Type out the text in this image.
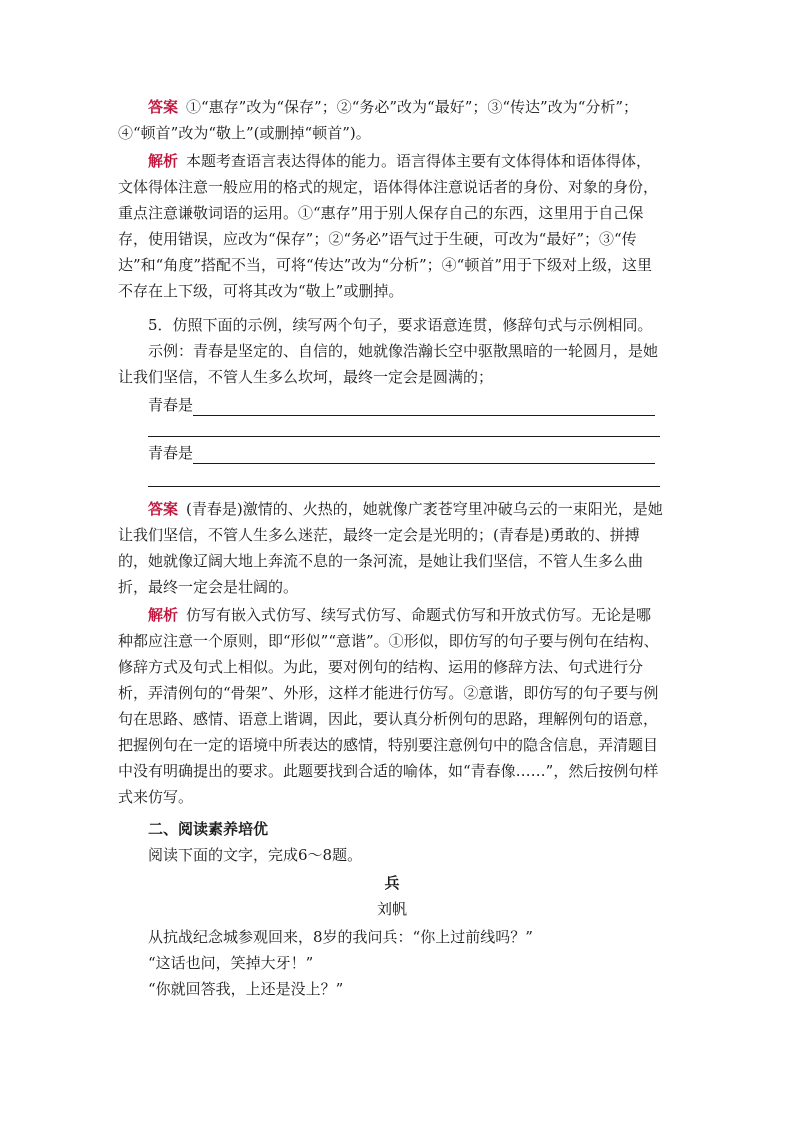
答案 ①“惠存”改为“保存”；②“务必”改为“最好”；③“传达”改为“分析”；④“顿首”改为“敬上”(或删掉“顿首”)。

解析 本题考查语言表达得体的能力。语言得体主要有文体得体和语体得体，文体得体注意一般应用的格式的规定，语体得体注意说话者的身份、对象的身份，重点注意谦敬词语的运用。①“惠存”用于别人保存自己的东西，这里用于自己保存，使用错误，应改为“保存”；②“务必”语气过于生硬，可改为“最好”；③“传达”和“角度”搭配不当，可将“传达”改为“分析”；④“顿首”用于下级对上级，这里不存在上下级，可将其改为“敬上”或删掉。

5．仿照下面的示例，续写两个句子，要求语意连贯，修辞句式与示例相同。

示例：青春是坚定的、自信的，她就像浩瀚长空中驱散黑暗的一轮圆月，是她让我们坚信，不管人生多么坎坷，最终一定会是圆满的；

青春是
青春是

答案 (青春是)激情的、火热的，她就像广袤苍穹里冲破乌云的一束阳光，是她让我们坚信，不管人生多么迷茫，最终一定会是光明的；(青春是)勇敢的、拼搏的，她就像辽阔大地上奔流不息的一条河流，是她让我们坚信，不管人生多么曲折，最终一定会是壮阔的。

解析 仿写有嵌入式仿写、续写式仿写、命题式仿写和开放式仿写。无论是哪种都应注意一个原则，即“形似”“意谐”。①形似，即仿写的句子要与例句在结构、修辞方式及句式上相似。为此，要对例句的结构、运用的修辞方法、句式进行分析，弄清例句的“骨架”、外形，这样才能进行仿写。②意谐，即仿写的句子要与例句在思路、感情、语意上谐调，因此，要认真分析例句的思路，理解例句的语意，把握例句在一定的语境中所表达的感情，特别要注意例句中的隐含信息，弄清题目中没有明确提出的要求。此题要找到合适的喻体，如“青春像……”，然后按例句样式来仿写。

二、阅读素养培优
阅读下面的文字，完成6～8题。
兵
刘帆
从抗战纪念城参观回来，8岁的我问兵：“你上过前线吗？”
“这话也问，笑掉大牙！”
“你就回答我，上还是没上？”
